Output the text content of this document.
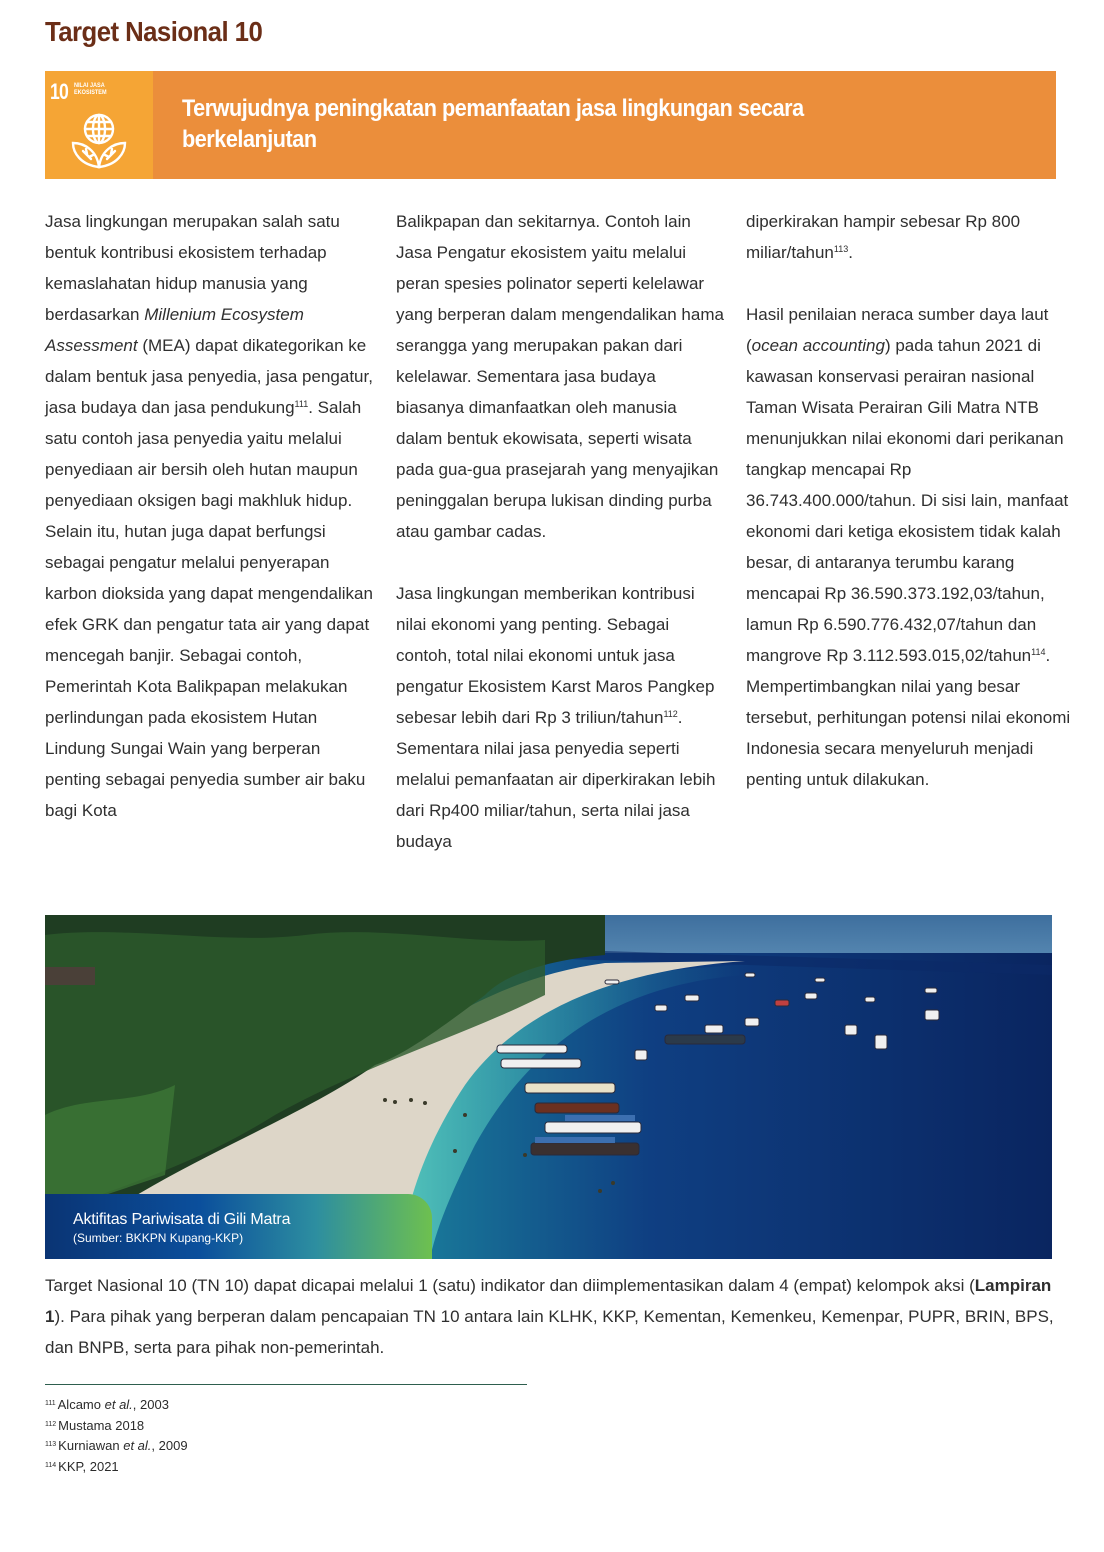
Target Nasional 10
10 NILAI JASA
EKOSISTEM
Terwujudnya peningkatan pemanfaatan jasa lingkungan secara berkelanjutan

Jasa lingkungan merupakan salah satu bentuk kontribusi ekosistem terhadap kemaslahatan hidup manusia yang berdasarkan Millenium Ecosystem Assessment (MEA) dapat dikategorikan ke dalam bentuk jasa penyedia, jasa pengatur, jasa budaya dan jasa pendukung$^{111}$. Salah satu contoh jasa penyedia yaitu melalui penyediaan air bersih oleh hutan maupun penyediaan oksigen bagi makhluk hidup. Selain itu, hutan juga dapat berfungsi sebagai pengatur melalui penyerapan karbon dioksida yang dapat mengendalikan efek GRK dan pengatur tata air yang dapat mencegah banjir. Sebagai contoh, Pemerintah Kota Balikpapan melakukan perlindungan pada ekosistem Hutan Lindung Sungai Wain yang berperan penting sebagai penyedia sumber air baku bagi Kota

Balikpapan dan sekitarnya. Contoh lain Jasa Pengatur ekosistem yaitu melalui peran spesies polinator seperti kelelawar yang berperan dalam mengendalikan hama serangga yang merupakan pakan dari kelelawar. Sementara jasa budaya biasanya dimanfaatkan oleh manusia dalam bentuk ekowisata, seperti wisata pada gua-gua prasejarah yang menyajikan peninggalan berupa lukisan dinding purba atau gambar cadas.

Jasa lingkungan memberikan kontribusi nilai ekonomi yang penting. Sebagai contoh, total nilai ekonomi untuk jasa pengatur Ekosistem Karst Maros Pangkep sebesar lebih dari Rp 3 triliun/tahun$^{112}$. Sementara nilai jasa penyedia seperti melalui pemanfaatan air diperkirakan lebih dari Rp400 miliar/tahun, serta nilai jasa budaya

diperkirakan hampir sebesar Rp 800 miliar/tahun$^{113}$.

Hasil penilaian neraca sumber daya laut (ocean accounting) pada tahun 2021 di kawasan konservasi perairan nasional Taman Wisata Perairan Gili Matra NTB menunjukkan nilai ekonomi dari perikanan tangkap mencapai Rp 36.743.400.000/tahun. Di sisi lain, manfaat ekonomi dari ketiga ekosistem tidak kalah besar, di antaranya terumbu karang mencapai Rp 36.590.373.192,03/tahun, lamun Rp 6.590.776.432,07/tahun dan mangrove Rp 3.112.593.015,02/tahun$^{114}$. Mempertimbangkan nilai yang besar tersebut, perhitungan potensi nilai ekonomi Indonesia secara menyeluruh menjadi penting untuk dilakukan.

Aktifitas Pariwisata di Gili Matra
(Sumber: BKKPN Kupang-KKP)
Target Nasional 10 (TN 10) dapat dicapai melalui 1 (satu) indikator dan diimplementasikan dalam 4 (empat) kelompok aksi (Lampiran 1). Para pihak yang berperan dalam pencapaian TN 10 antara lain KLHK, KKP, Kementan, Kemenkeu, Kemenpar, PUPR, BRIN, BPS, dan BNPB, serta para pihak non-pemerintah.
$^{111}$ Alcamo et al., 2003
$^{112}$ Mustama 2018
$^{113}$ Kurniawan et al., 2009
$^{114}$ KKP, 2021
